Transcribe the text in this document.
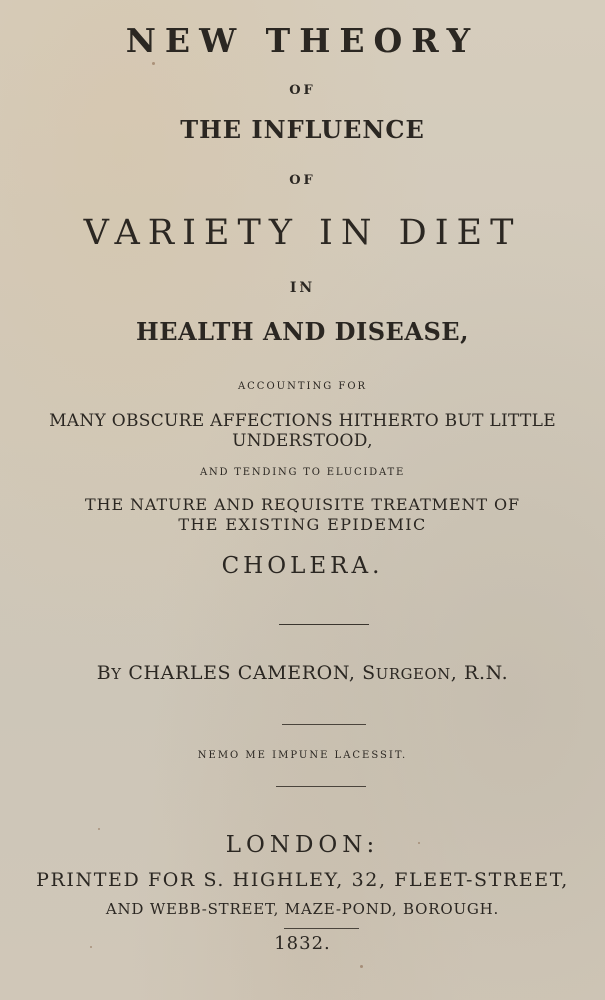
NEW THEORY
OF
THE INFLUENCE
OF
VARIETY IN DIET
IN
HEALTH AND DISEASE,
ACCOUNTING FOR
MANY OBSCURE AFFECTIONS HITHERTO BUT LITTLE
UNDERSTOOD,
AND TENDING TO ELUCIDATE
THE NATURE AND REQUISITE TREATMENT OF
THE EXISTING EPIDEMIC
CHOLERA.
BY CHARLES CAMERON, SURGEON, R.N.
NEMO ME IMPUNE LACESSIT.
LONDON:
PRINTED FOR S. HIGHLEY, 32, FLEET-STREET,
AND WEBB-STREET, MAZE-POND, BOROUGH.
1832.
